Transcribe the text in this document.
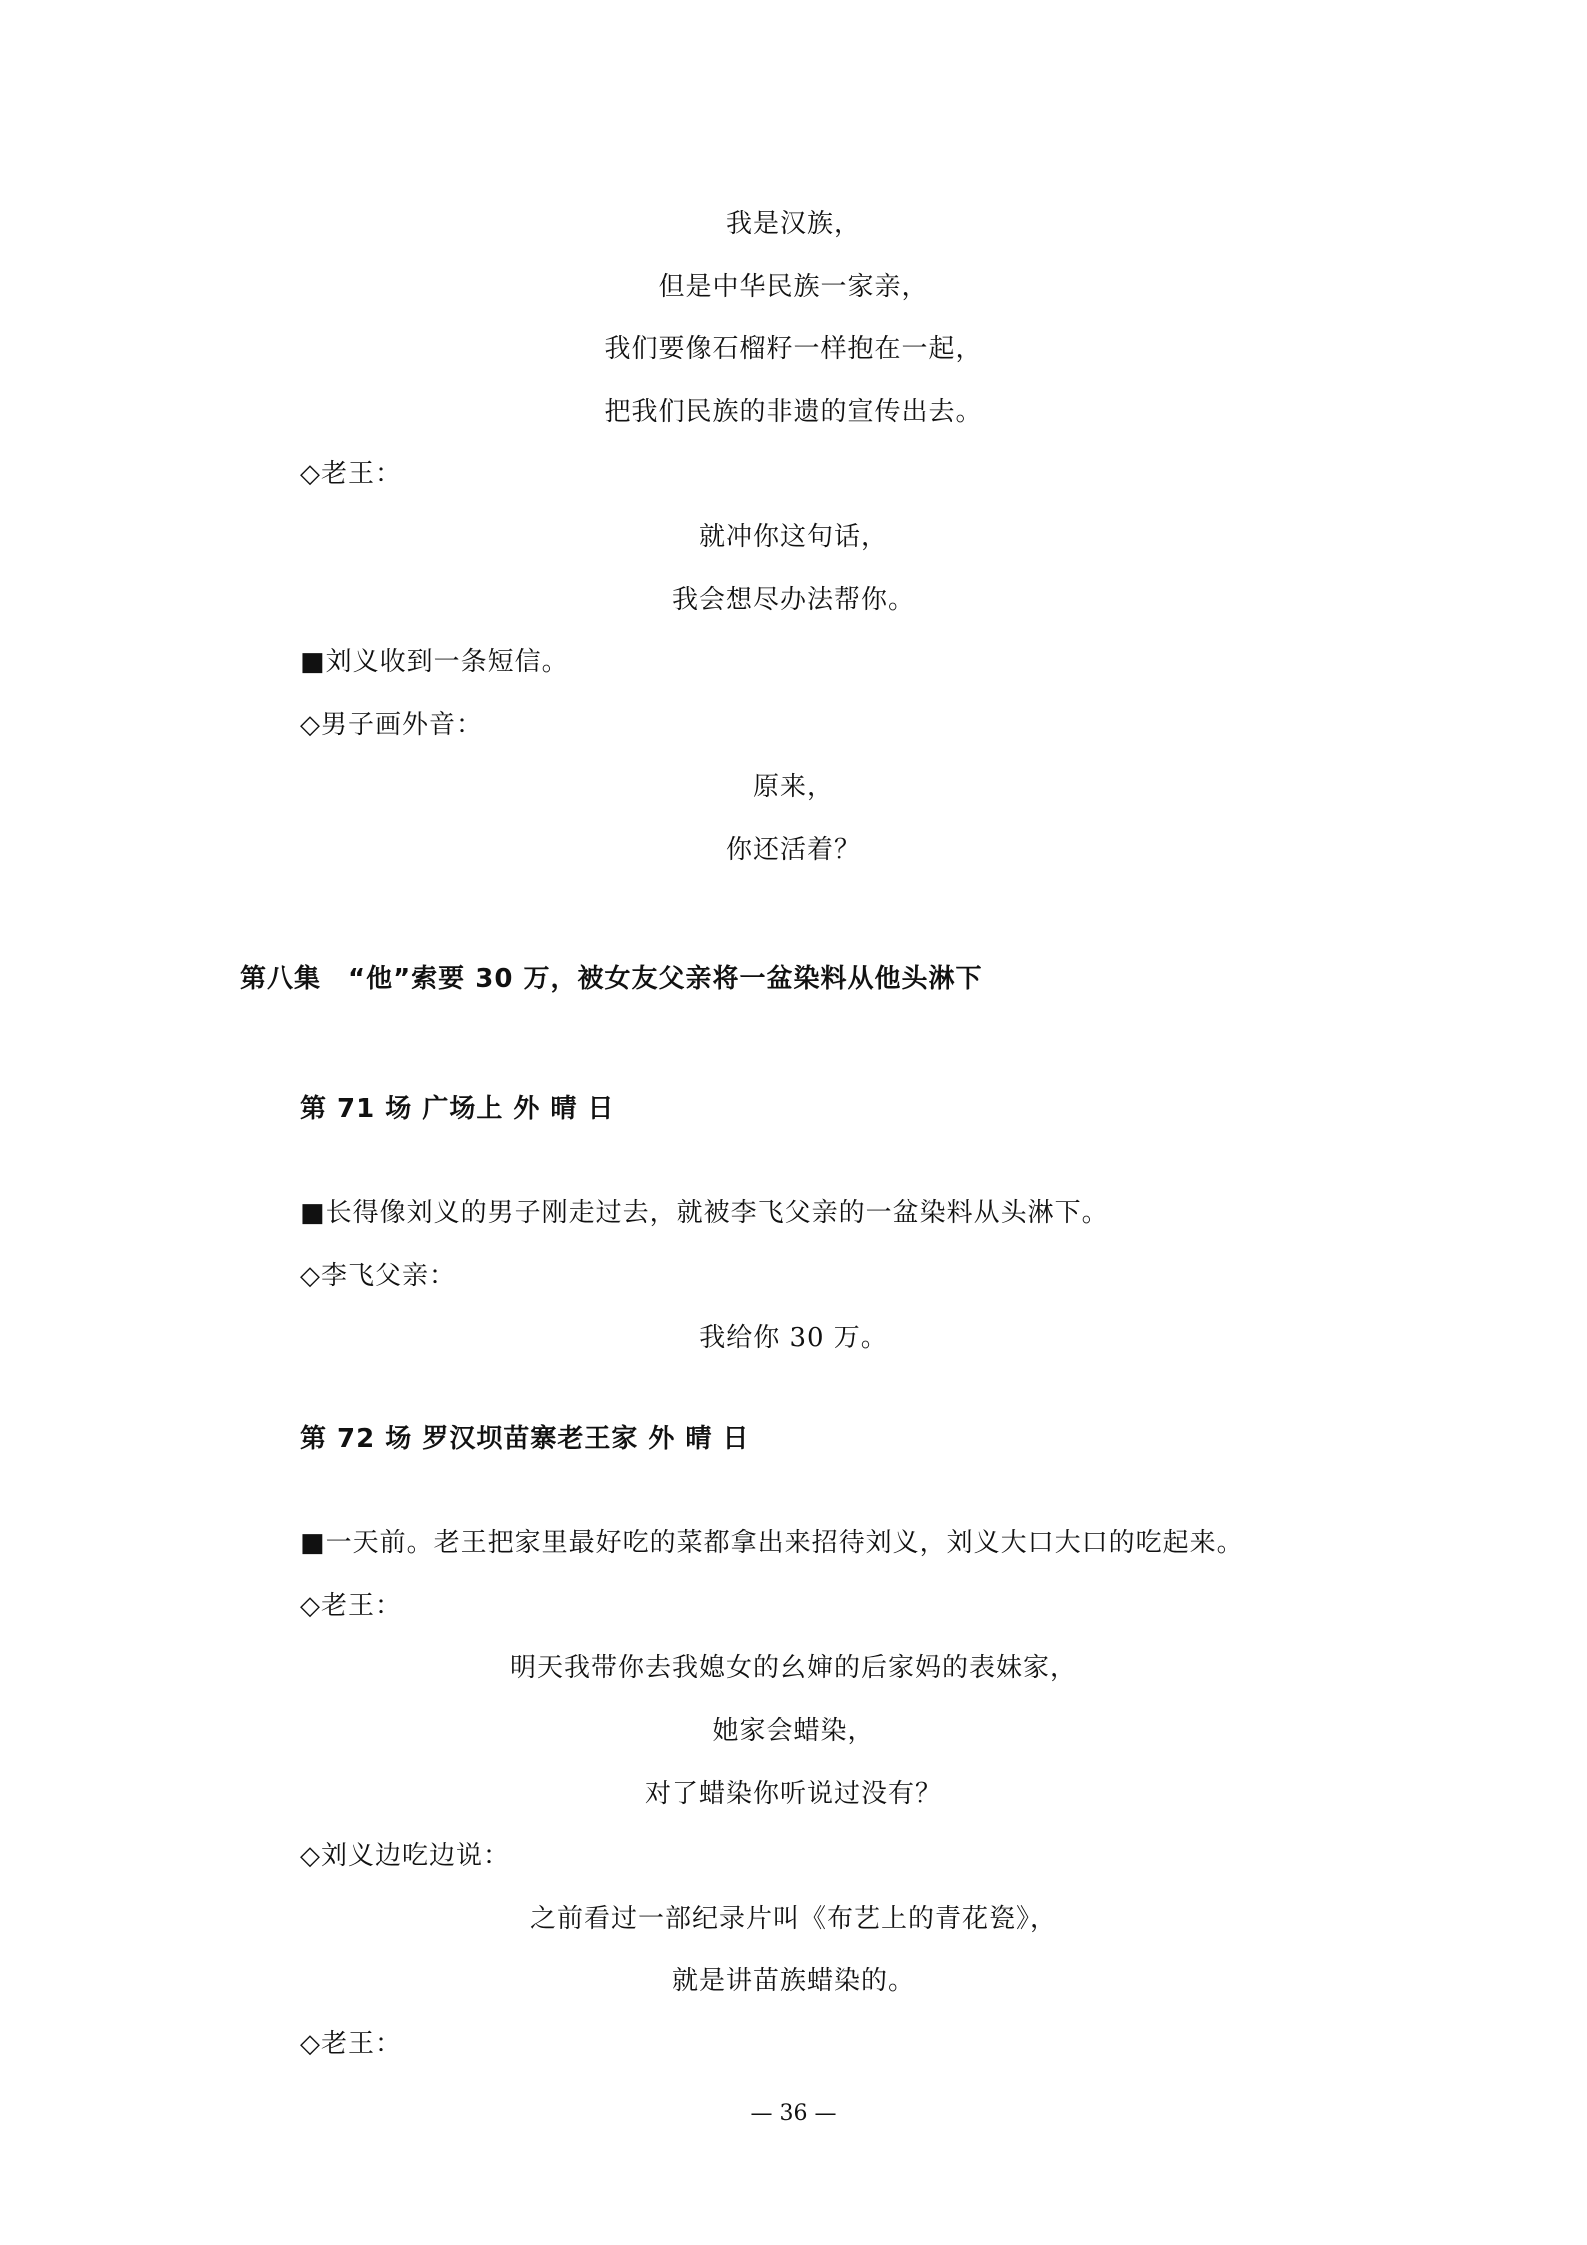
我是汉族，
但是中华民族一家亲，
我们要像石榴籽一样抱在一起，
把我们民族的非遗的宣传出去。
◇老王：
就冲你这句话，
我会想尽办法帮你。
■刘义收到一条短信。
◇男子画外音：
原来，
你还活着？
第八集　“他”索要 30 万，被女友父亲将一盆染料从他头淋下
第 71 场 广场上 外 晴 日
■长得像刘义的男子刚走过去，就被李飞父亲的一盆染料从头淋下。
◇李飞父亲：
我给你 30 万。
第 72 场 罗汉坝苗寨老王家 外 晴 日
■一天前。老王把家里最好吃的菜都拿出来招待刘义，刘义大口大口的吃起来。
◇老王：
明天我带你去我媳女的幺婶的后家妈的表妹家，
她家会蜡染，
对了蜡染你听说过没有？
◇刘义边吃边说：
之前看过一部纪录片叫《布艺上的青花瓷》，
就是讲苗族蜡染的。
◇老王：
— 36 —
